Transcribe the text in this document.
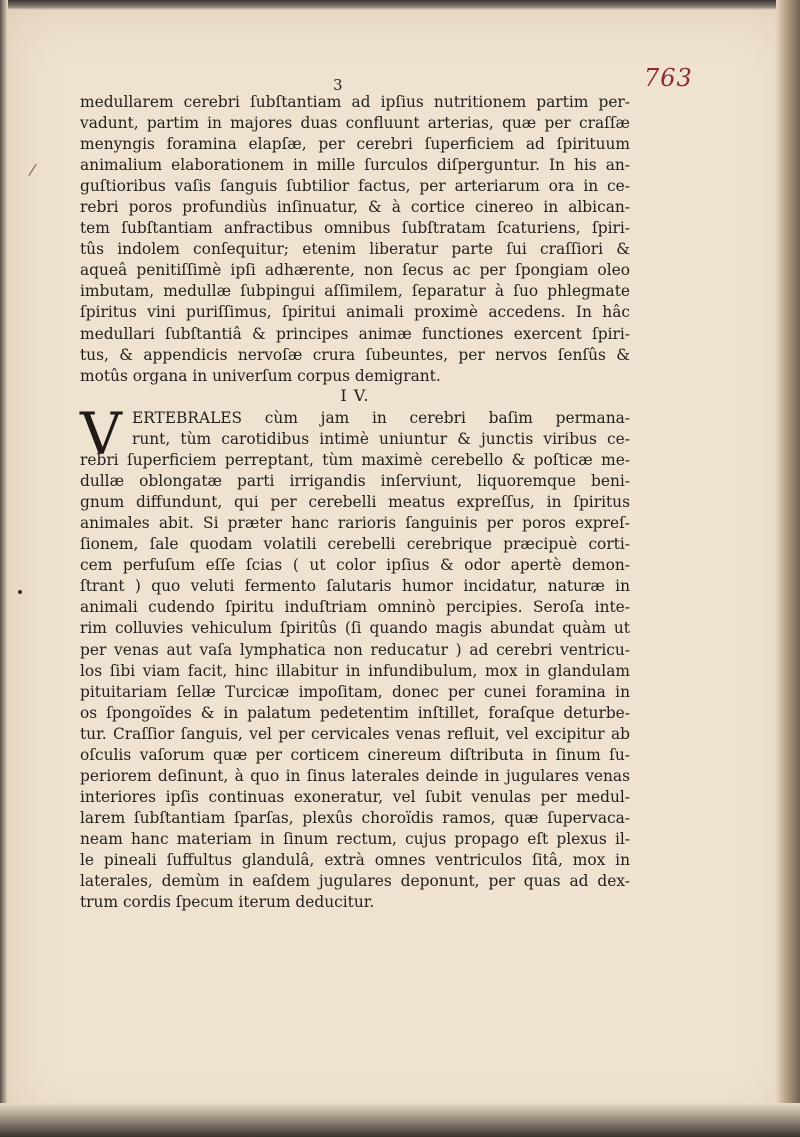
763
3
/
medullarem cerebri ſubſtantiam ad ipſius nutritionem partim per-
vadunt, partim in majores duas confluunt arterias, quæ per craſſæ
menyngis foramina elapſæ, per cerebri ſuperficiem ad ſpirituum
animalium elaborationem in mille ſurculos diſperguntur. In his an-
guſtioribus vaſis ſanguis ſubtilior factus, per arteriarum ora in ce-
rebri poros profundiùs inſinuatur, & à cortice cinereo in albican-
tem ſubſtantiam anfractibus omnibus ſubſtratam ſcaturiens, ſpiri-
tûs indolem conſequitur; etenim liberatur parte ſui craſſiori &
aqueâ penitiſſimè ipſi adhærente, non ſecus ac per ſpongiam oleo
imbutam, medullæ ſubpingui aſſimilem, ſeparatur à ſuo phlegmate
ſpiritus vini puriſſimus, ſpiritui animali proximè accedens. In hâc
medullari ſubſtantiâ & principes animæ functiones exercent ſpiri-
tus, & appendicis nervoſæ crura ſubeuntes, per nervos ſenſûs &
motûs organa in univerſum corpus demigrant.
I V.
V ERTEBRALES cùm jam in cerebri baſim permana-
runt, tùm carotidibus intimè uniuntur & junctis viribus ce-
rebri ſuperficiem perreptant, tùm maximè cerebello & poſticæ me-
dullæ oblongatæ parti irrigandis inſerviunt, liquoremque beni-
gnum diffundunt, qui per cerebelli meatus expreſſus, in ſpiritus
animales abit. Si præter hanc rarioris ſanguinis per poros expreſ-
ſionem, ſale quodam volatili cerebelli cerebrique præcipuè corti-
cem perfuſum eſſe ſcias ( ut color ipſius & odor apertè demon-
ſtrant ) quo veluti fermento ſalutaris humor incidatur, naturæ in
animali cudendo ſpiritu induſtriam omninò percipies. Seroſa inte-
rim colluvies vehiculum ſpiritûs (ſi quando magis abundat quàm ut
per venas aut vaſa lymphatica non reducatur ) ad cerebri ventricu-
los ſibi viam facit, hinc illabitur in infundibulum, mox in glandulam
pituitariam ſellæ Turcicæ impoſitam, donec per cunei foramina in
os ſpongoïdes & in palatum pedetentim inſtillet, foraſque deturbe-
tur. Craſſior ſanguis, vel per cervicales venas refluit, vel excipitur ab
oſculis vaſorum quæ per corticem cinereum diſtributa in ſinum ſu-
periorem deſinunt, à quo in ſinus laterales deinde in jugulares venas
interiores ipſis continuas exoneratur, vel ſubit venulas per medul-
larem ſubſtantiam ſparſas, plexûs choroïdis ramos, quæ ſupervaca-
neam hanc materiam in ſinum rectum, cujus propago eſt plexus il-
le pineali ſuffultus glandulâ, extrà omnes ventriculos ſitâ, mox in
laterales, demùm in eaſdem jugulares deponunt, per quas ad dex-
trum cordis ſpecum iterum deducitur.
